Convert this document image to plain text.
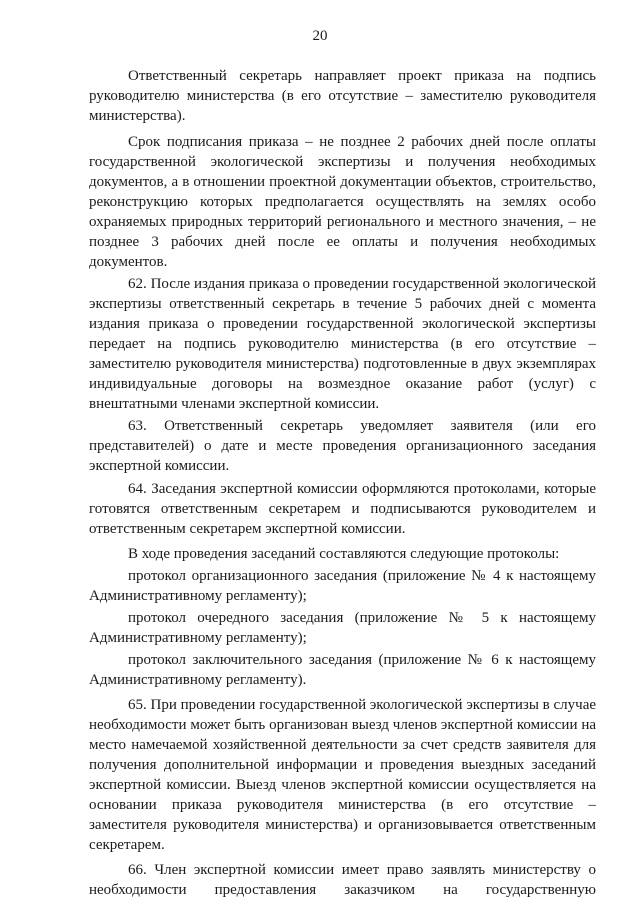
20

Ответственный секретарь направляет проект приказа на подпись руководителю министерства (в его отсутствие – заместителю руководителя министерства).

Срок подписания приказа – не позднее 2 рабочих дней после оплаты государственной экологической экспертизы и получения необходимых документов, а в отношении проектной документации объектов, строительство, реконструкцию которых предполагается осуществлять на землях особо охраняемых природных территорий регионального и местного значения, – не позднее 3 рабочих дней после ее оплаты и получения необходимых документов.

62. После издания приказа о проведении государственной экологической экспертизы ответственный секретарь в течение 5 рабочих дней с момента издания приказа о проведении государственной экологической экспертизы передает на подпись руководителю министерства (в его отсутствие – заместителю руководителя министерства) подготовленные в двух экземплярах индивидуальные договоры на возмездное оказание работ (услуг) с внештатными членами экспертной комиссии.

63. Ответственный секретарь уведомляет заявителя (или его представителей) о дате и месте проведения организационного заседания экспертной комиссии.

64. Заседания экспертной комиссии оформляются протоколами, которые готовятся ответственным секретарем и подписываются руководителем и ответственным секретарем экспертной комиссии.

В ходе проведения заседаний составляются следующие протоколы:

протокол организационного заседания (приложение № 4 к настоящему Административному регламенту);

протокол очередного заседания (приложение № 5 к настоящему Административному регламенту);

протокол заключительного заседания (приложение № 6 к настоящему Административному регламенту).

65. При проведении государственной экологической экспертизы в случае необходимости может быть организован выезд членов экспертной комиссии на место намечаемой хозяйственной деятельности за счет средств заявителя для получения дополнительной информации и проведения выездных заседаний экспертной комиссии. Выезд членов экспертной комиссии осуществляется на основании приказа руководителя министерства (в его отсутствие – заместителя руководителя министерства) и организовывается ответственным секретарем.

66. Член экспертной комиссии имеет право заявлять министерству о необходимости предоставления заказчиком на государственную
